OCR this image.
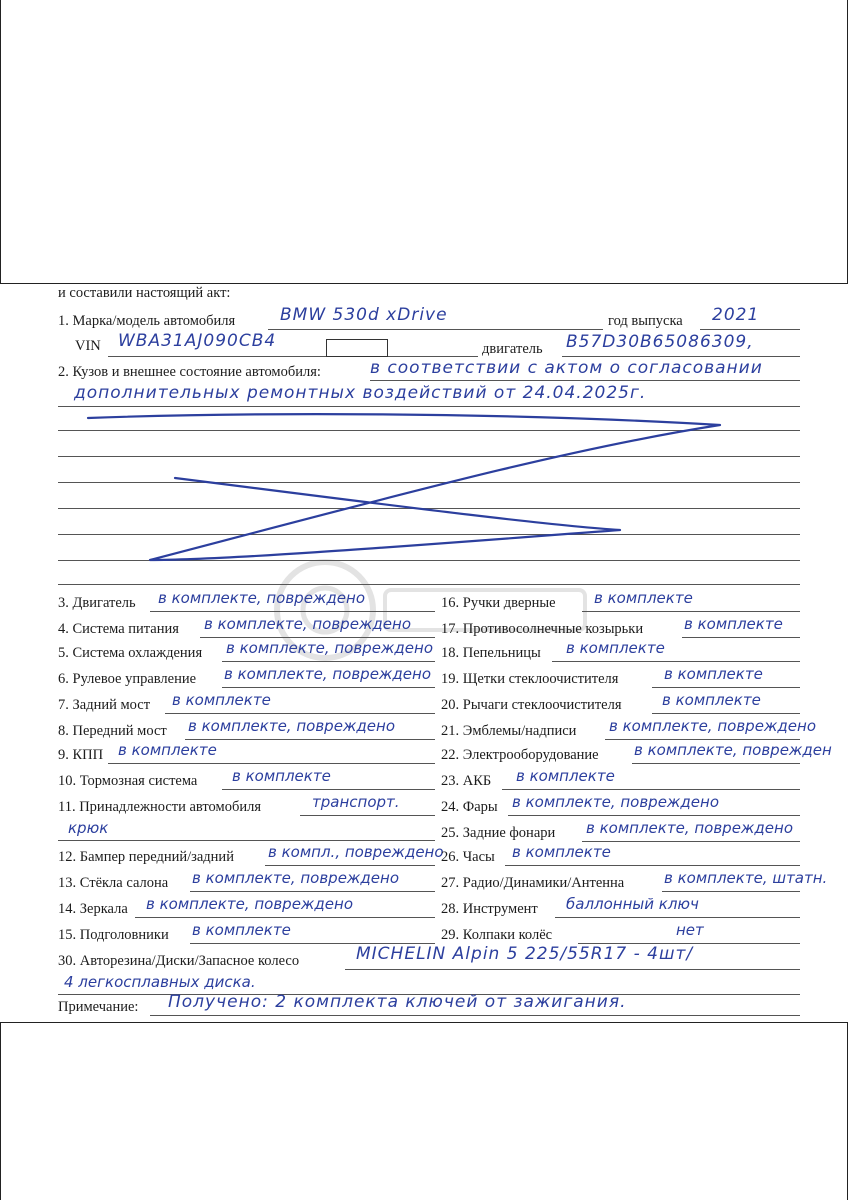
и составили настоящий акт:
1. Марка/модель автомобиля	BMW 530d xDrive	год выпуска 2021
VIN WBA31AJ090CB4	двигатель B57D30B65086309,
2. Кузов и внешнее состояние автомобиля:	в соответствии с актом о согласовании
дополнительных ремонтных воздействий от 24.04.2025г.
3. Двигатель в комплекте, повреждено
4. Система питания в комплекте, повреждено
5. Система охлаждения в комплекте, повреждено
6. Рулевое управление в комплекте, повреждено
7. Задний мост в комплекте
8. Передний мост в комплекте, повреждено
9. КПП в комплекте
10. Тормозная система в комплекте
11. Принадлежности автомобиля	транспорт.
крюк
12. Бампер передний/задний в компл., повреждено
13. Стёкла салона в комплекте, повреждено
14. Зеркала в комплекте, повреждено
15. Подголовники в комплекте
16. Ручки дверные	в комплекте
17. Противосолнечные козырьки	в комплекте
18. Пепельницы в комплекте
19. Щетки стеклоочистителя	в комплекте
20. Рычаги стеклоочистителя	в комплекте
21. Эмблемы/надписи в комплекте, повреждено
22. Электрооборудование в комплекте, поврежден
23. АКБ в комплекте
24. Фары в комплекте, повреждено
25. Задние фонари в комплекте, повреждено
26. Часы в комплекте
27. Радио/Динамики/Антенна	в комплекте, штатн.
28. Инструмент баллонный ключ
29. Колпаки колёс	нет
30. Авторезина/Диски/Запасное колесо	MICHELIN Alpin 5 225/55R17 - 4шт/
4 легкосплавных диска.
Примечание: Получено: 2 комплекта ключей от зажигания.
